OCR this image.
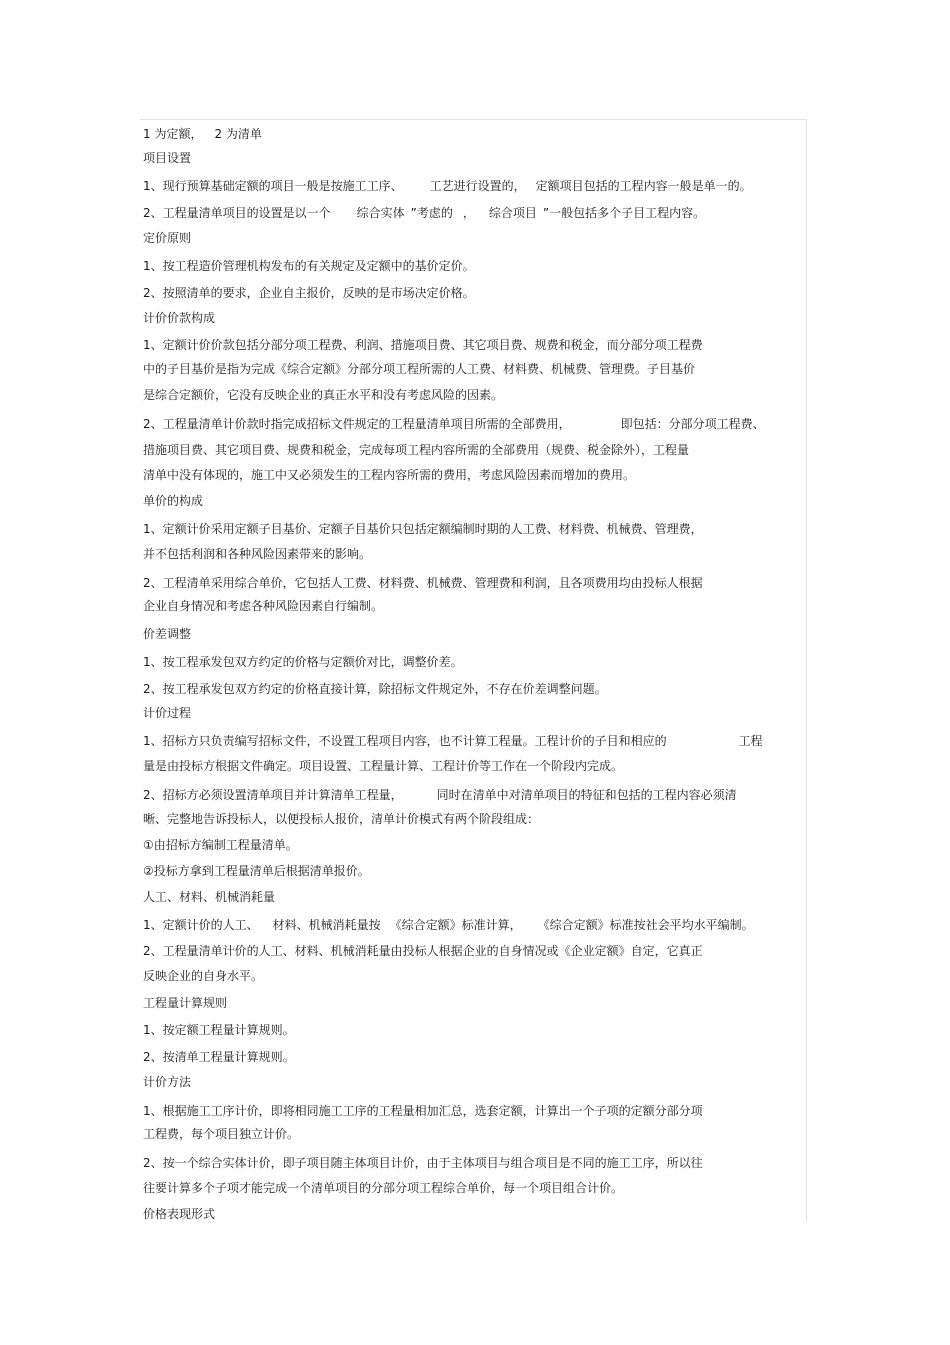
1 为定额， 2 为清单
项目设置
1、现行预算基础定额的项目一般是按施工工序、 工艺进行设置的， 定额项目包括的工程内容一般是单一的。
2、工程量清单项目的设置是以一个 综合实体 ”考虑的 ， 综合项目 ”一般包括多个子目工程内容。
定价原则
1、按工程造价管理机构发布的有关规定及定额中的基价定价。
2、按照清单的要求，企业自主报价，反映的是市场决定价格。
计价价款构成
1、定额计价价款包括分部分项工程费、利润、措施项目费、其它项目费、规费和税金，而分部分项工程费
中的子目基价是指为完成《综合定额》分部分项工程所需的人工费、材料费、机械费、管理费。子目基价
是综合定额价，它没有反映企业的真正水平和没有考虑风险的因素。
2、工程量清单计价款时指完成招标文件规定的工程量清单项目所需的全部费用，	即包括：分部分项工程费、
措施项目费、其它项目费、规费和税金，完成每项工程内容所需的全部费用（规费、税金除外），工程量
清单中没有体现的，施工中又必须发生的工程内容所需的费用，考虑风险因素而增加的费用。
单价的构成
1、定额计价采用定额子目基价、定额子目基价只包括定额编制时期的人工费、材料费、机械费、管理费，
并不包括利润和各种风险因素带来的影响。
2、工程清单采用综合单价，它包括人工费、材料费、机械费、管理费和利润，且各项费用均由投标人根据
企业自身情况和考虑各种风险因素自行编制。
价差调整
1、按工程承发包双方约定的价格与定额价对比，调整价差。
2、按工程承发包双方约定的价格直接计算，除招标文件规定外，不存在价差调整问题。
计价过程
1、招标方只负责编写招标文件，不设置工程项目内容，也不计算工程量。工程计价的子目和相应的	工程
量是由投标方根据文件确定。项目设置、工程量计算、工程计价等工作在一个阶段内完成。
2、招标方必须设置清单项目并计算清单工程量，	同时在清单中对清单项目的特征和包括的工程内容必须清
晰、完整地告诉投标人，以便投标人报价，清单计价模式有两个阶段组成：
①由招标方编制工程量清单。
②投标方拿到工程量清单后根据清单报价。
人工、材料、机械消耗量
1、定额计价的人工、 材料、机械消耗量按 《综合定额》标准计算， 《综合定额》标准按社会平均水平编制。
2、工程量清单计价的人工、材料、机械消耗量由投标人根据企业的自身情况或《企业定额》自定，它真正
反映企业的自身水平。
工程量计算规则
1、按定额工程量计算规则。
2、按清单工程量计算规则。
计价方法
1、根据施工工序计价，即将相同施工工序的工程量相加汇总，选套定额，计算出一个子项的定额分部分项
工程费，每个项目独立计价。
2、按一个综合实体计价，即子项目随主体项目计价，由于主体项目与组合项目是不同的施工工序，所以往
往要计算多个子项才能完成一个清单项目的分部分项工程综合单价，每一个项目组合计价。
价格表现形式
